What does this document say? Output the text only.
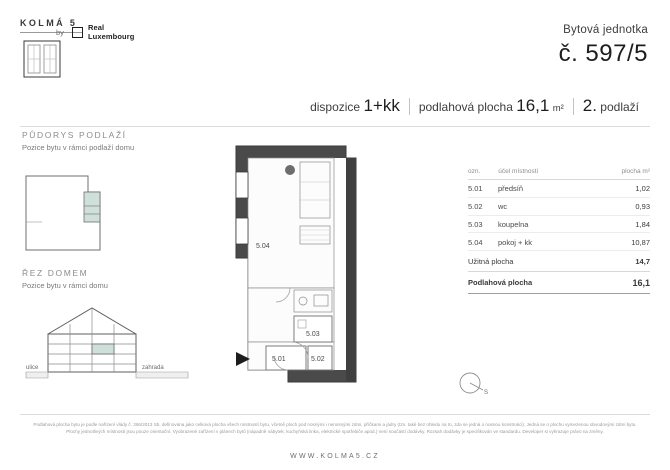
KOLMÁ 5
by
Real
Luxembourg
Bytová jednotka
č. 597/5
dispozice 1+kk	podlahová plocha 16,1 m²	2. podlaží
PŮDORYS PODLAŽÍ
Pozice bytu v rámci podlaží domu
ŘEZ DOMEM
Pozice bytu v rámci domu
ulice	zahrada
5.03
5.02
5.01
5.04
S
ozn.	účel místnosti	plocha m²
5.01	předsíň	1,02
5.02	wc	0,93
5.03	koupelna	1,84
5.04	pokoj + kk	10,87
Užitná plocha	14,7
Podlahová plocha	16,1
Podlahová plocha bytu je podle nařízení vlády č. 366/2013 Sb. definována jako celková plocha všech místností bytu, včetně ploch pod nosnými i nenosnými zdmi, příčkami a jádry (tzn. také bez ohledu na to, zda se jedná o nosnou konstrukci). Jedná se o plochu vymezenou obvodovými zdmi bytu. Plochy jednotlivých místností jsou pouze orientační. Vyobrazené zařízení v plánech bytů (nápadně nábytek, kuchyňská linka, elektrické spotřebiče apod.) není součástí dodávky. Rozsah dodávky je specifikován ve standardu. Developer si vyhrazuje právo na změny.
WWW.KOLMA5.CZ
